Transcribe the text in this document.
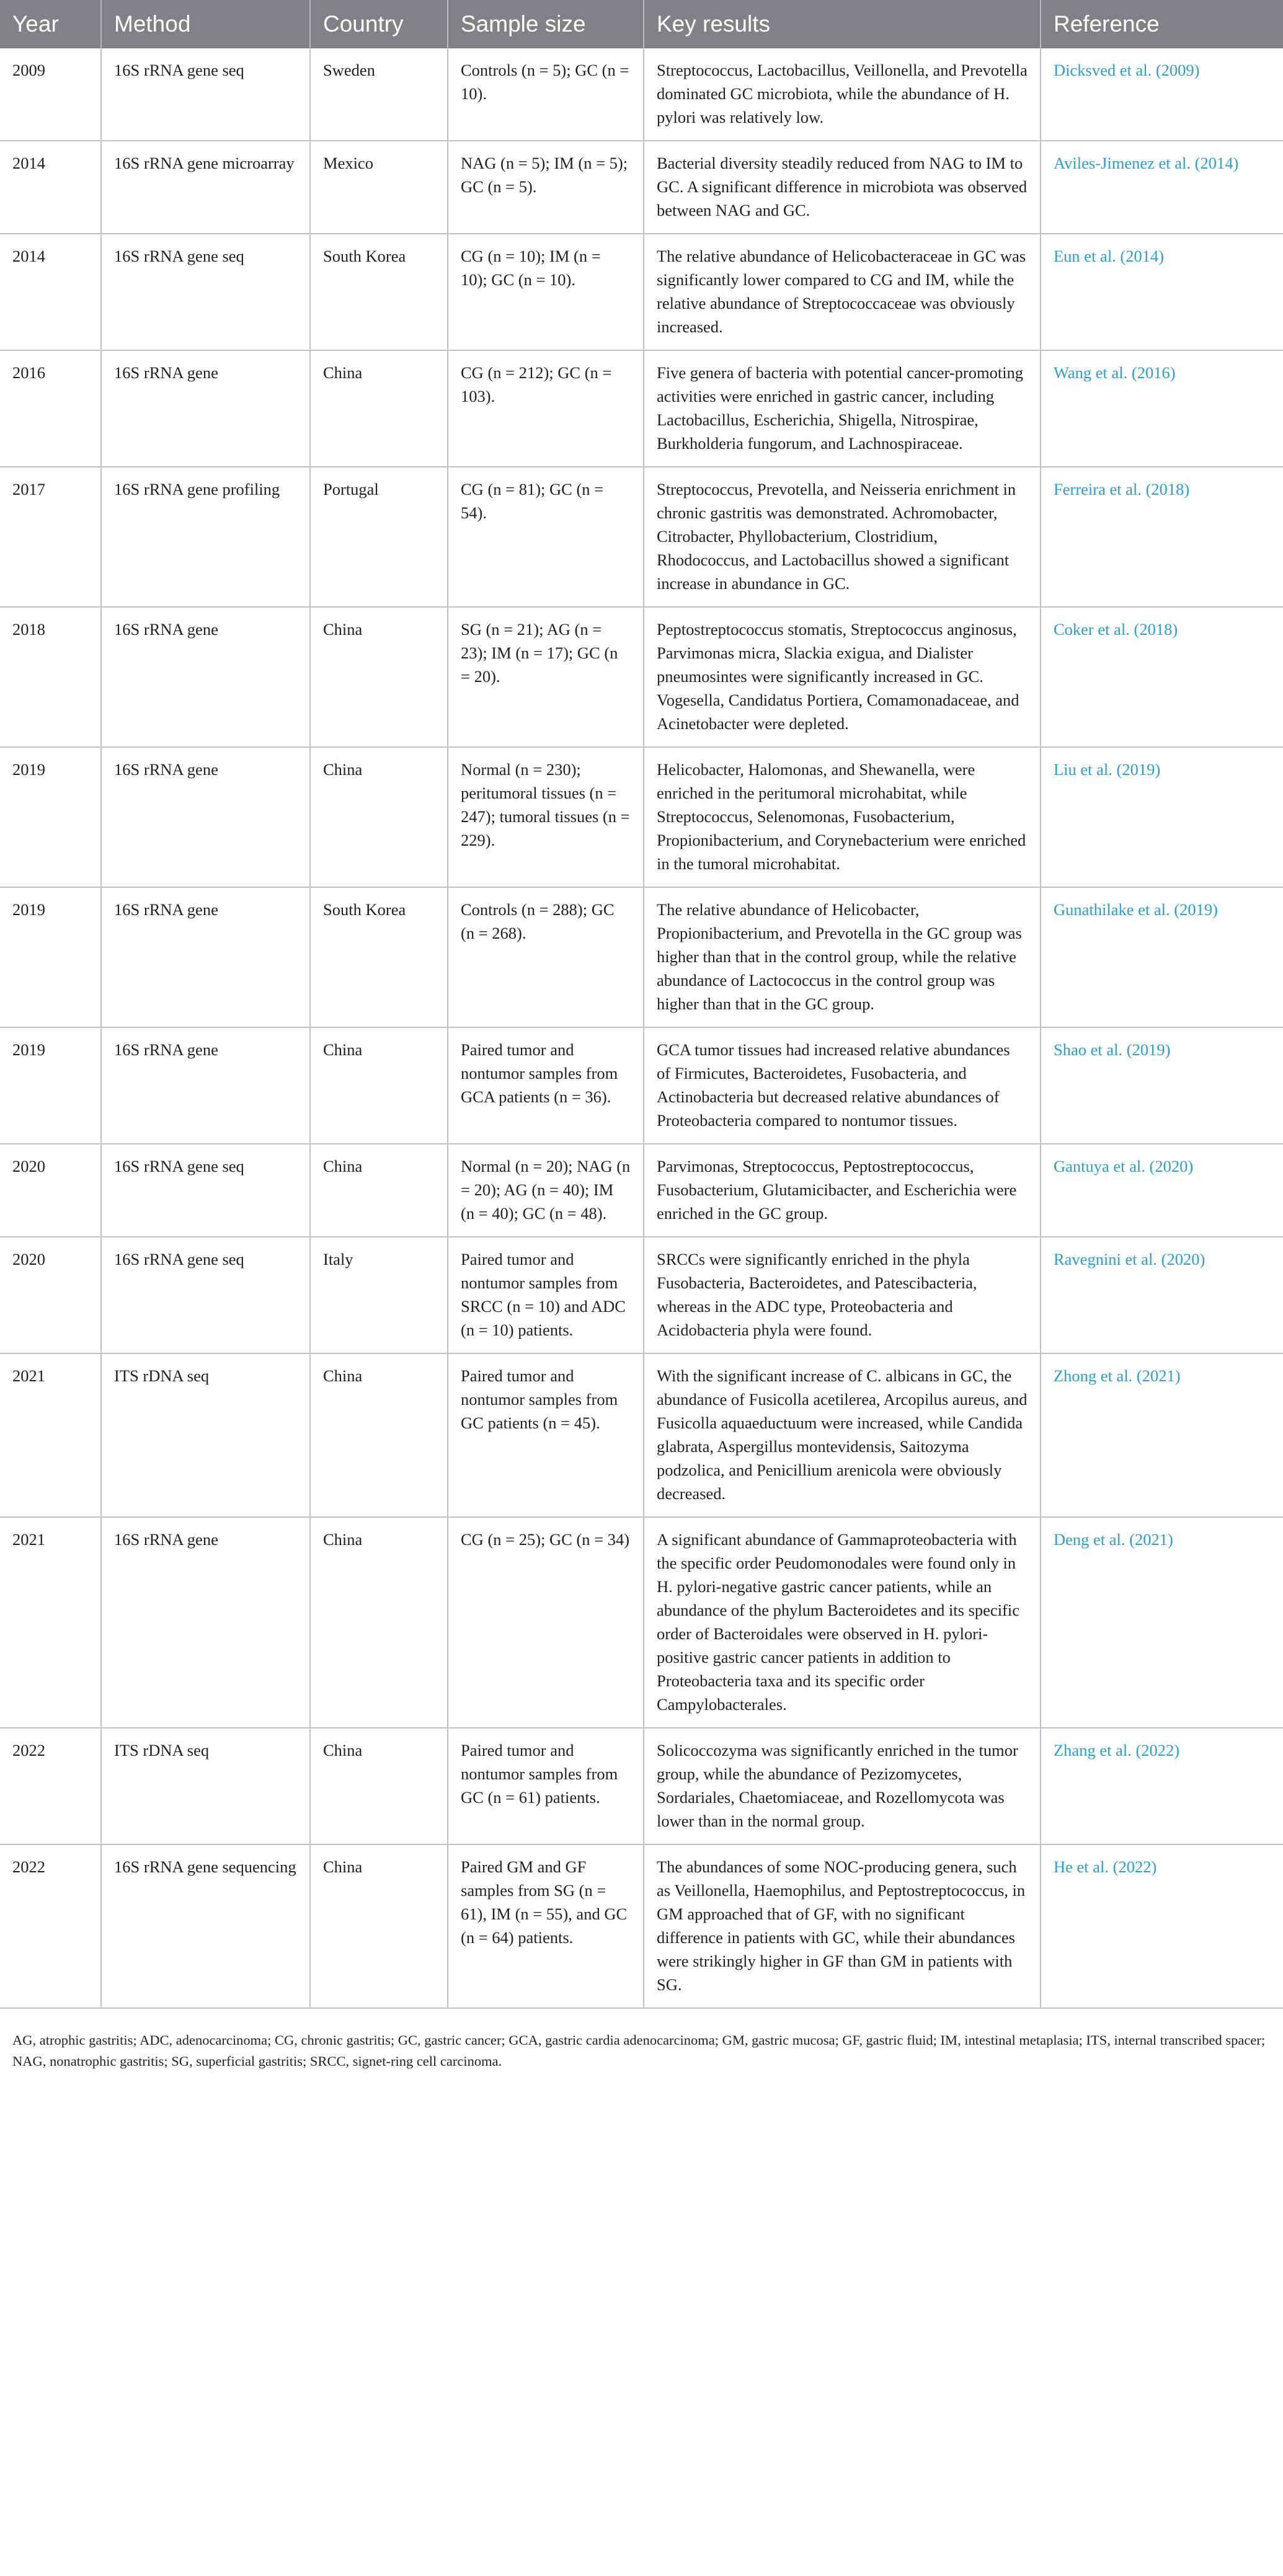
Year	Method	Country	Sample size	Key results	Reference
2009	16S rRNA gene seq	Sweden	Controls (n = 5); GC (n = 10).	Streptococcus, Lactobacillus, Veillonella, and Prevotella dominated GC microbiota, while the abundance of H. pylori was relatively low.	Dicksved et al. (2009)
2014	16S rRNA gene microarray	Mexico	NAG (n = 5); IM (n = 5); GC (n = 5).	Bacterial diversity steadily reduced from NAG to IM to GC. A significant difference in microbiota was observed between NAG and GC.	Aviles-Jimenez et al. (2014)
2014	16S rRNA gene seq	South Korea	CG (n = 10); IM (n = 10); GC (n = 10).	The relative abundance of Helicobacteraceae in GC was significantly lower compared to CG and IM, while the relative abundance of Streptococcaceae was obviously increased.	Eun et al. (2014)
2016	16S rRNA gene	China	CG (n = 212); GC (n = 103).	Five genera of bacteria with potential cancer-promoting activities were enriched in gastric cancer, including Lactobacillus, Escherichia, Shigella, Nitrospirae, Burkholderia fungorum, and Lachnospiraceae.	Wang et al. (2016)
2017	16S rRNA gene profiling	Portugal	CG (n = 81); GC (n = 54).	Streptococcus, Prevotella, and Neisseria enrichment in chronic gastritis was demonstrated. Achromobacter, Citrobacter, Phyllobacterium, Clostridium, Rhodococcus, and Lactobacillus showed a significant increase in abundance in GC.	Ferreira et al. (2018)
2018	16S rRNA gene	China	SG (n = 21); AG (n = 23); IM (n = 17); GC (n = 20).	Peptostreptococcus stomatis, Streptococcus anginosus, Parvimonas micra, Slackia exigua, and Dialister pneumosintes were significantly increased in GC. Vogesella, Candidatus Portiera, Comamonadaceae, and Acinetobacter were depleted.	Coker et al. (2018)
2019	16S rRNA gene	China	Normal (n = 230); peritumoral tissues (n = 247); tumoral tissues (n = 229).	Helicobacter, Halomonas, and Shewanella, were enriched in the peritumoral microhabitat, while Streptococcus, Selenomonas, Fusobacterium, Propionibacterium, and Corynebacterium were enriched in the tumoral microhabitat.	Liu et al. (2019)
2019	16S rRNA gene	South Korea	Controls (n = 288); GC (n = 268).	The relative abundance of Helicobacter, Propionibacterium, and Prevotella in the GC group was higher than that in the control group, while the relative abundance of Lactococcus in the control group was higher than that in the GC group.	Gunathilake et al. (2019)
2019	16S rRNA gene	China	Paired tumor and nontumor samples from GCA patients (n = 36).	GCA tumor tissues had increased relative abundances of Firmicutes, Bacteroidetes, Fusobacteria, and Actinobacteria but decreased relative abundances of Proteobacteria compared to nontumor tissues.	Shao et al. (2019)
2020	16S rRNA gene seq	China	Normal (n = 20); NAG (n = 20); AG (n = 40); IM (n = 40); GC (n = 48).	Parvimonas, Streptococcus, Peptostreptococcus, Fusobacterium, Glutamicibacter, and Escherichia were enriched in the GC group.	Gantuya et al. (2020)
2020	16S rRNA gene seq	Italy	Paired tumor and nontumor samples from SRCC (n = 10) and ADC (n = 10) patients.	SRCCs were significantly enriched in the phyla Fusobacteria, Bacteroidetes, and Patescibacteria, whereas in the ADC type, Proteobacteria and Acidobacteria phyla were found.	Ravegnini et al. (2020)
2021	ITS rDNA seq	China	Paired tumor and nontumor samples from GC patients (n = 45).	With the significant increase of C. albicans in GC, the abundance of Fusicolla acetilerea, Arcopilus aureus, and Fusicolla aquaeductuum were increased, while Candida glabrata, Aspergillus montevidensis, Saitozyma podzolica, and Penicillium arenicola were obviously decreased.	Zhong et al. (2021)
2021	16S rRNA gene	China	CG (n = 25); GC (n = 34)	A significant abundance of Gammaproteobacteria with the specific order Peudomonodales were found only in H. pylori-negative gastric cancer patients, while an abundance of the phylum Bacteroidetes and its specific order of Bacteroidales were observed in H. pylori-positive gastric cancer patients in addition to Proteobacteria taxa and its specific order Campylobacterales.	Deng et al. (2021)
2022	ITS rDNA seq	China	Paired tumor and nontumor samples from GC (n = 61) patients.	Solicoccozyma was significantly enriched in the tumor group, while the abundance of Pezizomycetes, Sordariales, Chaetomiaceae, and Rozellomycota was lower than in the normal group.	Zhang et al. (2022)
2022	16S rRNA gene sequencing	China	Paired GM and GF samples from SG (n = 61), IM (n = 55), and GC (n = 64) patients.	The abundances of some NOC-producing genera, such as Veillonella, Haemophilus, and Peptostreptococcus, in GM approached that of GF, with no significant difference in patients with GC, while their abundances were strikingly higher in GF than GM in patients with SG.	He et al. (2022)
AG, atrophic gastritis; ADC, adenocarcinoma; CG, chronic gastritis; GC, gastric cancer; GCA, gastric cardia adenocarcinoma; GM, gastric mucosa; GF, gastric fluid; IM, intestinal metaplasia; ITS, internal transcribed spacer; NAG, nonatrophic gastritis; SG, superficial gastritis; SRCC, signet-ring cell carcinoma.
